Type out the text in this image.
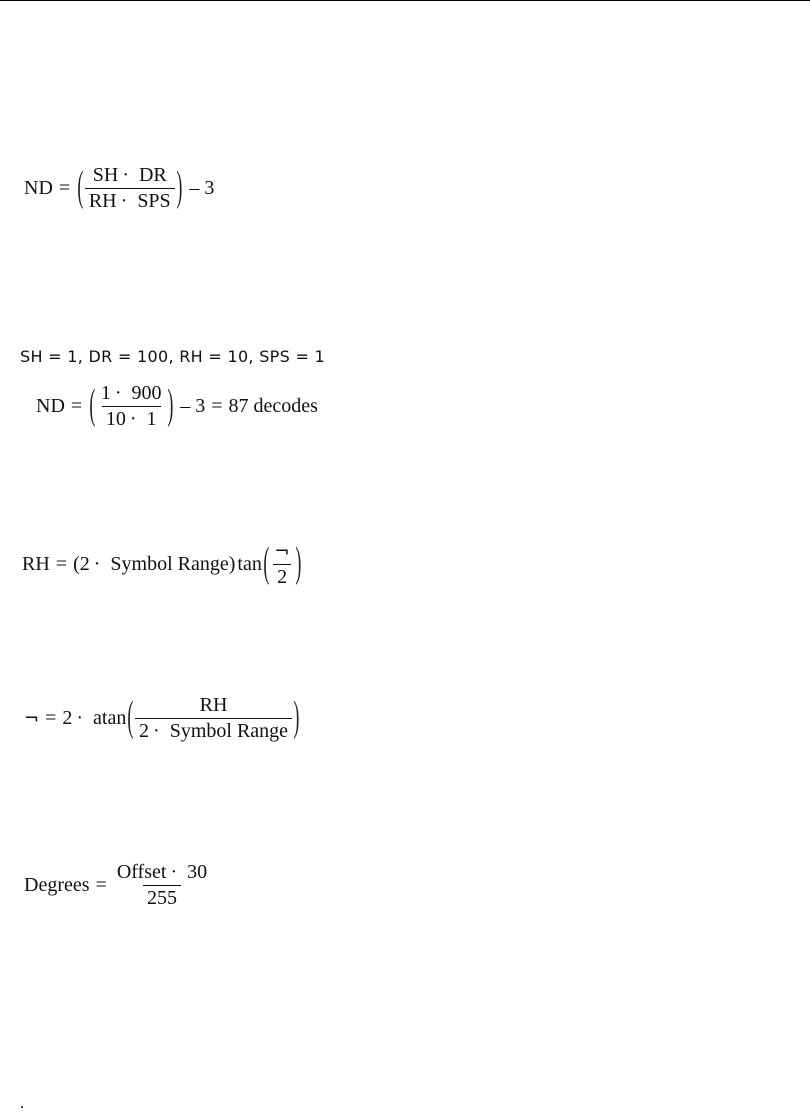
ND = ( $\frac{SH \cdot DR}{\text{RH · SPS}}$ ) – 3
SH = 1, DR = 100, RH = 10, SPS = 1
ND = ( $\frac{1 \cdot 900}{10 \cdot 1}$ ) – 3 = 87 decodes
RH = (2 · Symbol Range) tan ( $\frac{\neg}{2}$ )
¬ = 2 · atan ( $\frac{RH}{\text{2 · Symbol Range}}$ )
Degrees = $\frac{\text{Offset · 30}}{255}$
